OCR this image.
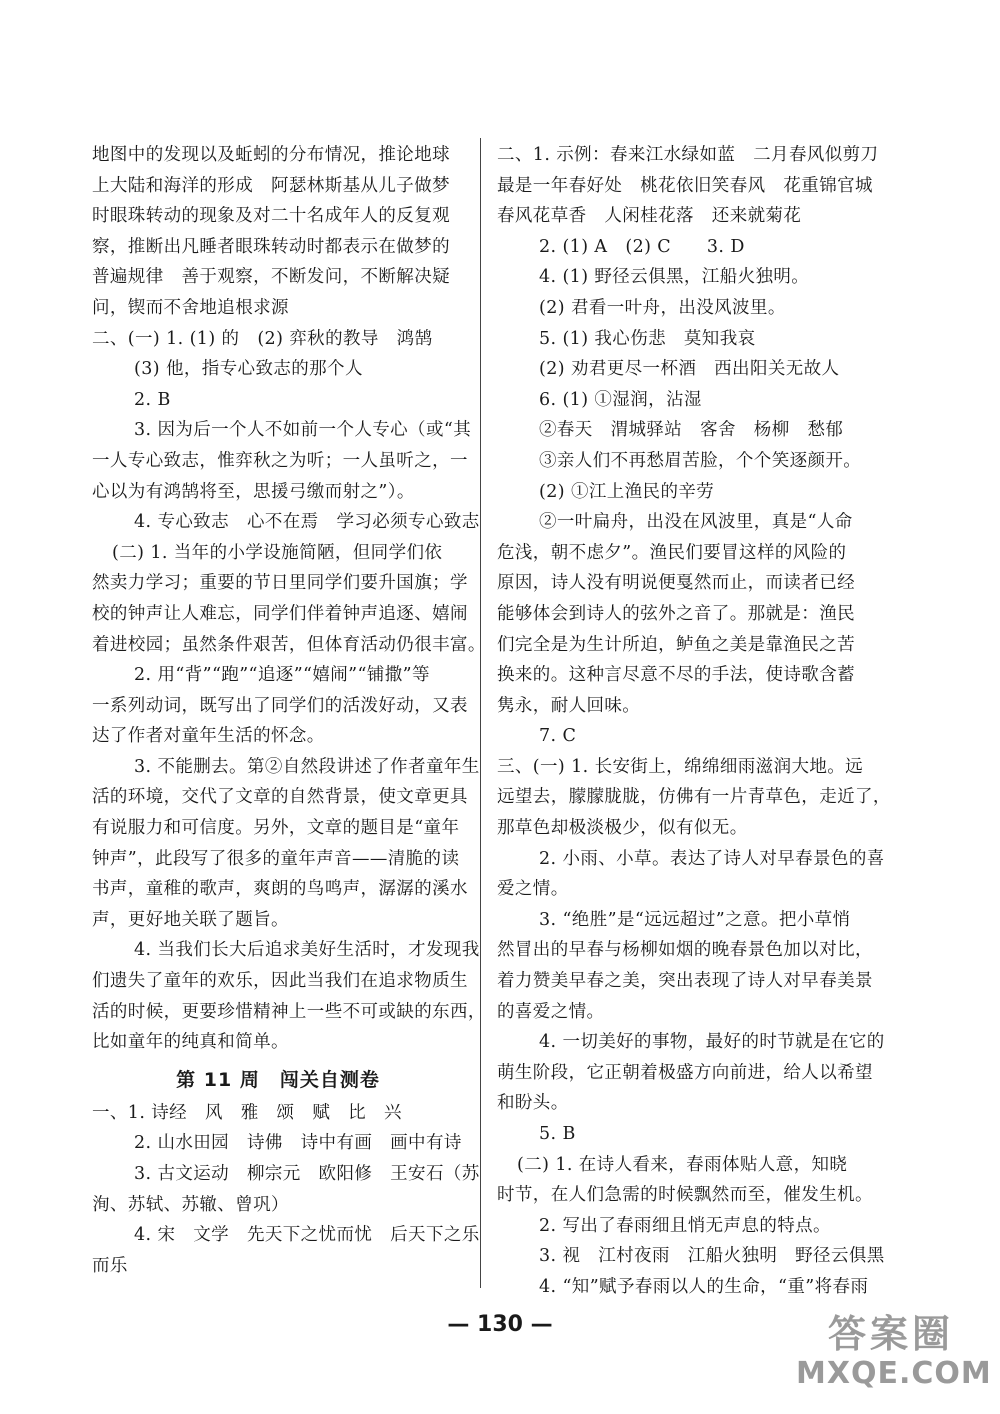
地图中的发现以及蚯蚓的分布情况，推论地球
上大陆和海洋的形成　阿瑟林斯基从儿子做梦
时眼珠转动的现象及对二十名成年人的反复观
察，推断出凡睡者眼珠转动时都表示在做梦的
普遍规律　善于观察，不断发问，不断解决疑
问，锲而不舍地追根求源
二、(一) 1. (1) 的　(2) 弈秋的教导　鸿鹄
(3) 他，指专心致志的那个人
2. B
3. 因为后一个人不如前一个人专心（或“其
一人专心致志，惟弈秋之为听；一人虽听之，一
心以为有鸿鹄将至，思援弓缴而射之”）。
4. 专心致志　心不在焉　学习必须专心致志
(二) 1. 当年的小学设施简陋，但同学们依
然卖力学习；重要的节日里同学们要升国旗；学
校的钟声让人难忘，同学们伴着钟声追逐、嬉闹
着进校园；虽然条件艰苦，但体育活动仍很丰富。
2. 用“背”“跑”“追逐”“嬉闹”“铺撒”等
一系列动词，既写出了同学们的活泼好动，又表
达了作者对童年生活的怀念。
3. 不能删去。第②自然段讲述了作者童年生
活的环境，交代了文章的自然背景，使文章更具
有说服力和可信度。另外，文章的题目是“童年
钟声”，此段写了很多的童年声音——清脆的读
书声，童稚的歌声，爽朗的鸟鸣声，潺潺的溪水
声，更好地关联了题旨。
4. 当我们长大后追求美好生活时，才发现我
们遗失了童年的欢乐，因此当我们在追求物质生
活的时候，更要珍惜精神上一些不可或缺的东西，
比如童年的纯真和简单。
第 11 周　闯关自测卷
一、1. 诗经　风　雅　颂　赋　比　兴
2. 山水田园　诗佛　诗中有画　画中有诗
3. 古文运动　柳宗元　欧阳修　王安石（苏
洵、苏轼、苏辙、曾巩）
4. 宋　文学　先天下之忧而忧　后天下之乐
而乐
二、1. 示例：春来江水绿如蓝　二月春风似剪刀
最是一年春好处　桃花依旧笑春风　花重锦官城
春风花草香　人闲桂花落　还来就菊花
2. (1) A　(2) C　　3. D
4. (1) 野径云俱黑，江船火独明。
(2) 君看一叶舟，出没风波里。
5. (1) 我心伤悲　莫知我哀
(2) 劝君更尽一杯酒　西出阳关无故人
6. (1) ①湿润，沾湿
②春天　渭城驿站　客舍　杨柳　愁郁
③亲人们不再愁眉苦脸，个个笑逐颜开。
(2) ①江上渔民的辛劳
②一叶扁舟，出没在风波里，真是“人命
危浅，朝不虑夕”。渔民们要冒这样的风险的
原因，诗人没有明说便戛然而止，而读者已经
能够体会到诗人的弦外之音了。那就是：渔民
们完全是为生计所迫，鲈鱼之美是靠渔民之苦
换来的。这种言尽意不尽的手法，使诗歌含蓄
隽永，耐人回味。
7. C
三、(一) 1. 长安街上，绵绵细雨滋润大地。远
远望去，朦朦胧胧，仿佛有一片青草色，走近了，
那草色却极淡极少，似有似无。
2. 小雨、小草。表达了诗人对早春景色的喜
爱之情。
3. “绝胜”是“远远超过”之意。把小草悄
然冒出的早春与杨柳如烟的晚春景色加以对比，
着力赞美早春之美，突出表现了诗人对早春美景
的喜爱之情。
4. 一切美好的事物，最好的时节就是在它的
萌生阶段，它正朝着极盛方向前进，给人以希望
和盼头。
5. B
(二) 1. 在诗人看来，春雨体贴人意，知晓
时节，在人们急需的时候飘然而至，催发生机。
2. 写出了春雨细且悄无声息的特点。
3. 视　江村夜雨　江船火独明　野径云俱黑
4. “知”赋予春雨以人的生命，“重”将春雨
— 130 —	答案圈
MXQE.COM
